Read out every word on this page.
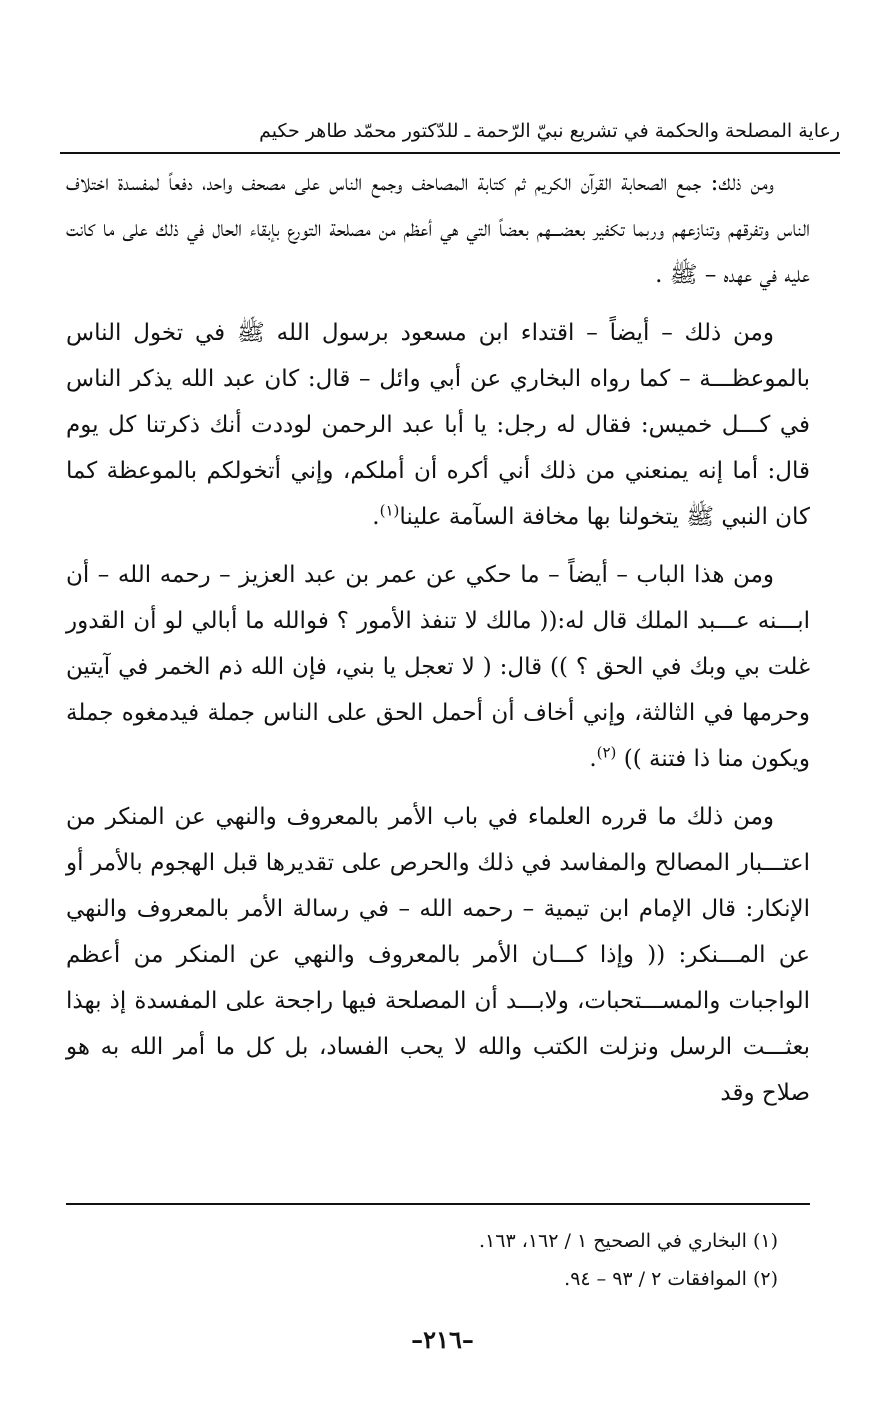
رعاية المصلحة والحكمة في تشريع نبيّ الرّحمة ـ للدّكتور محمّد طاهر حكيم

ومن ذلك: جمع الصحابة القرآن الكريم ثم كتابة المصاحف وجمع الناس على مصحف واحد، دفعاً لمفسدة اختلاف الناس وتفرقهم وتنازعهم وربما تكفير بعضـــهم بعضاً التي هي أعظم من مصلحة التورع بإبقاء الحال في ذلك على ما كانت عليه في عهده – ﷺ .

ومن ذلك – أيضاً – اقتداء ابن مسعود برسول الله ﷺ في تخول الناس بالموعظـــة – كما رواه البخاري عن أبي وائل – قال: كان عبد الله يذكر الناس في كـــل خميس: فقال له رجل: يا أبا عبد الرحمن لوددت أنك ذكرتنا كل يوم قال: أما إنه يمنعني من ذلك أني أكره أن أملكم، وإني أتخولكم بالموعظة كما كان النبي ﷺ يتخولنا بها مخافة السآمة علينا$^{(١)}$.

ومن هذا الباب – أيضاً – ما حكي عن عمر بن عبد العزيز – رحمه الله – أن ابـــنه عـــبد الملك قال له:(( مالك لا تنفذ الأمور ؟ فوالله ما أبالي لو أن القدور غلت بي وبك في الحق ؟ )) قال: ( لا تعجل يا بني، فإن الله ذم الخمر في آيتين وحرمها في الثالثة، وإني أخاف أن أحمل الحق على الناس جملة فيدمغوه جملة ويكون منا ذا فتنة )) $^{(٢)}$.

ومن ذلك ما قرره العلماء في باب الأمر بالمعروف والنهي عن المنكر من اعتـــبار المصالح والمفاسد في ذلك والحرص على تقديرها قبل الهجوم بالأمر أو الإنكار: قال الإمام ابن تيمية – رحمه الله – في رسالة الأمر بالمعروف والنهي عن المـــنكر: (( وإذا كـــان الأمر بالمعروف والنهي عن المنكر من أعظم الواجبات والمســـتحبات، ولابـــد أن المصلحة فيها راجحة على المفسدة إذ بهذا بعثـــت الرسل ونزلت الكتب والله لا يحب الفساد، بل كل ما أمر الله به هو صلاح وقد

(١) البخاري في الصحيح ١ / ١٦٢، ١٦٣.

(٢) الموافقات ٢ / ٩٣ – ٩٤.

–٢١٦–
